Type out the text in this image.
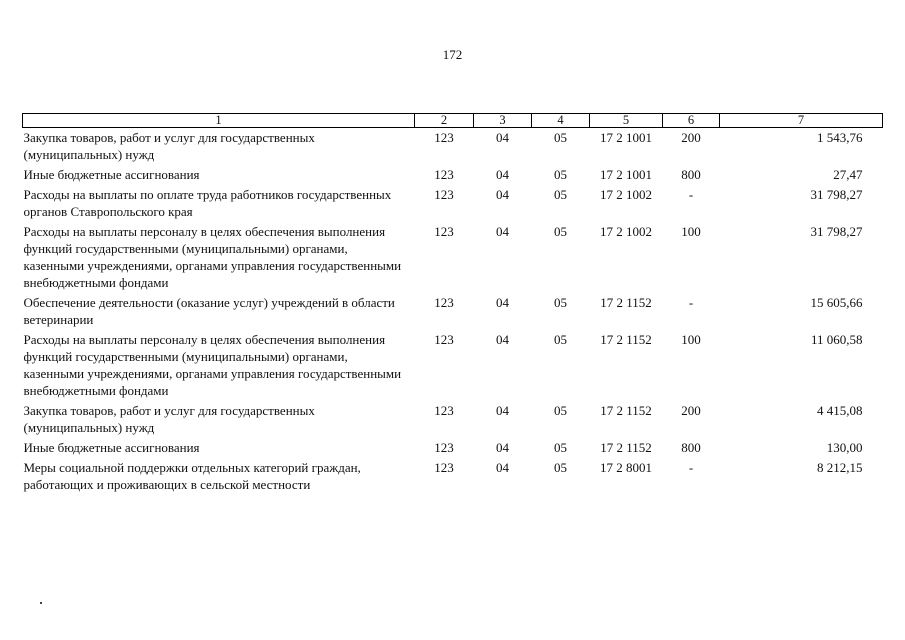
172
1	2	3	4	5	6	7
Закупка товаров, работ и услуг для государственных (муниципальных) нужд	123	04	05	17 2 1001	200	1 543,76
Иные бюджетные ассигнования	123	04	05	17 2 1001	800	27,47
Расходы на выплаты по оплате труда работников государственных органов Ставропольского края	123	04	05	17 2 1002	-	31 798,27
Расходы на выплаты персоналу в целях обеспечения выполнения функций государственными (муниципальными) органами, казенными учреждениями, органами управления государственными внебюджетными фондами	123	04	05	17 2 1002	100	31 798,27
Обеспечение деятельности (оказание услуг) учреждений в области ветеринарии	123	04	05	17 2 1152	-	15 605,66
Расходы на выплаты персоналу в целях обеспечения выполнения функций государственными (муниципальными) органами, казенными учреждениями, органами управления государственными внебюджетными фондами	123	04	05	17 2 1152	100	11 060,58
Закупка товаров, работ и услуг для государственных (муниципальных) нужд	123	04	05	17 2 1152	200	4 415,08
Иные бюджетные ассигнования	123	04	05	17 2 1152	800	130,00
Меры социальной поддержки отдельных категорий граждан, работающих и проживающих в сельской местности	123	04	05	17 2 8001	-	8 212,15
